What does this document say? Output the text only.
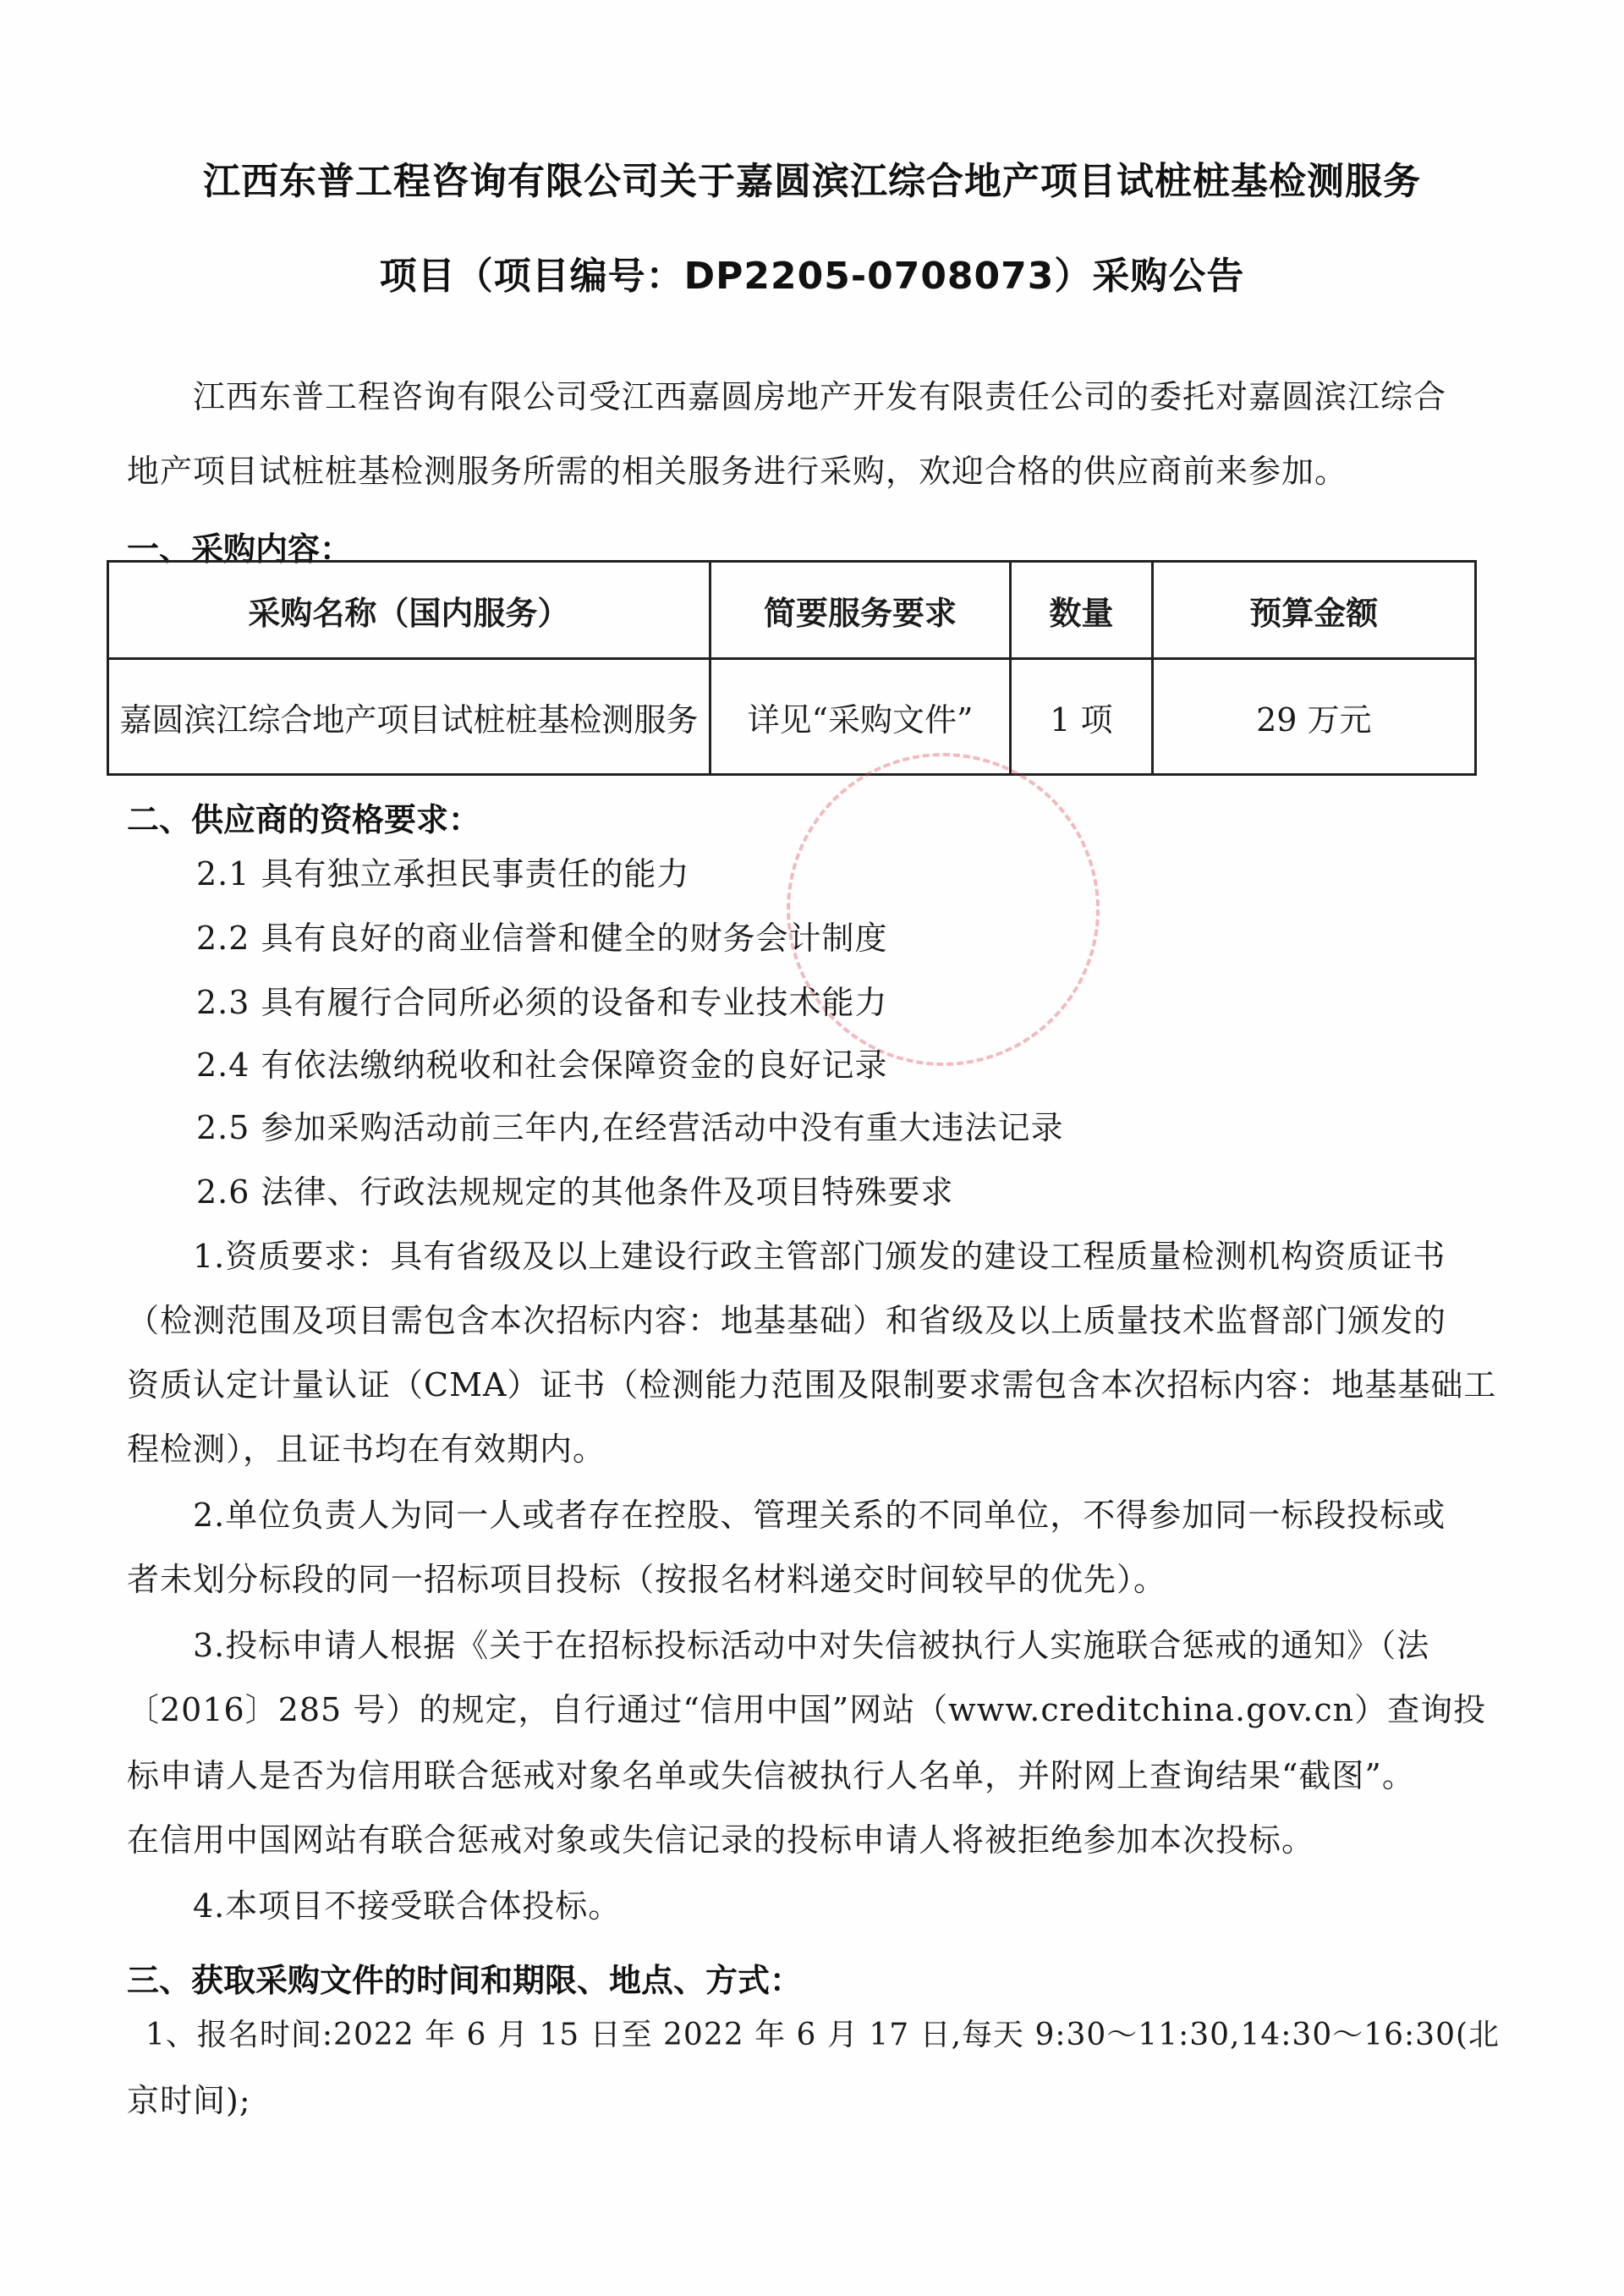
江西东普工程咨询有限公司关于嘉圆滨江综合地产项目试桩桩基检测服务
项目（项目编号：DP2205-0708073）采购公告
江西东普工程咨询有限公司受江西嘉圆房地产开发有限责任公司的委托对嘉圆滨江综合
地产项目试桩桩基检测服务所需的相关服务进行采购，欢迎合格的供应商前来参加。
一、采购内容：
采购名称（国内服务）	简要服务要求	数量	预算金额
嘉圆滨江综合地产项目试桩桩基检测服务	详见“采购文件”	1 项	29 万元
二、供应商的资格要求：
2.1 具有独立承担民事责任的能力
2.2 具有良好的商业信誉和健全的财务会计制度
2.3 具有履行合同所必须的设备和专业技术能力
2.4 有依法缴纳税收和社会保障资金的良好记录
2.5 参加采购活动前三年内,在经营活动中没有重大违法记录
2.6 法律、行政法规规定的其他条件及项目特殊要求
1.资质要求：具有省级及以上建设行政主管部门颁发的建设工程质量检测机构资质证书
（检测范围及项目需包含本次招标内容：地基基础）和省级及以上质量技术监督部门颁发的
资质认定计量认证（CMA）证书（检测能力范围及限制要求需包含本次招标内容：地基基础工
程检测），且证书均在有效期内。
2.单位负责人为同一人或者存在控股、管理关系的不同单位，不得参加同一标段投标或
者未划分标段的同一招标项目投标（按报名材料递交时间较早的优先）。
3.投标申请人根据《关于在招标投标活动中对失信被执行人实施联合惩戒的通知》（法
〔2016〕285 号）的规定，自行通过“信用中国”网站（www.creditchina.gov.cn）查询投
标申请人是否为信用联合惩戒对象名单或失信被执行人名单，并附网上查询结果“截图”。
在信用中国网站有联合惩戒对象或失信记录的投标申请人将被拒绝参加本次投标。
4.本项目不接受联合体投标。
三、获取采购文件的时间和期限、地点、方式：
1、报名时间:2022 年 6 月 15 日至 2022 年 6 月 17 日,每天 9:30～11:30,14:30～16:30(北
京时间);
